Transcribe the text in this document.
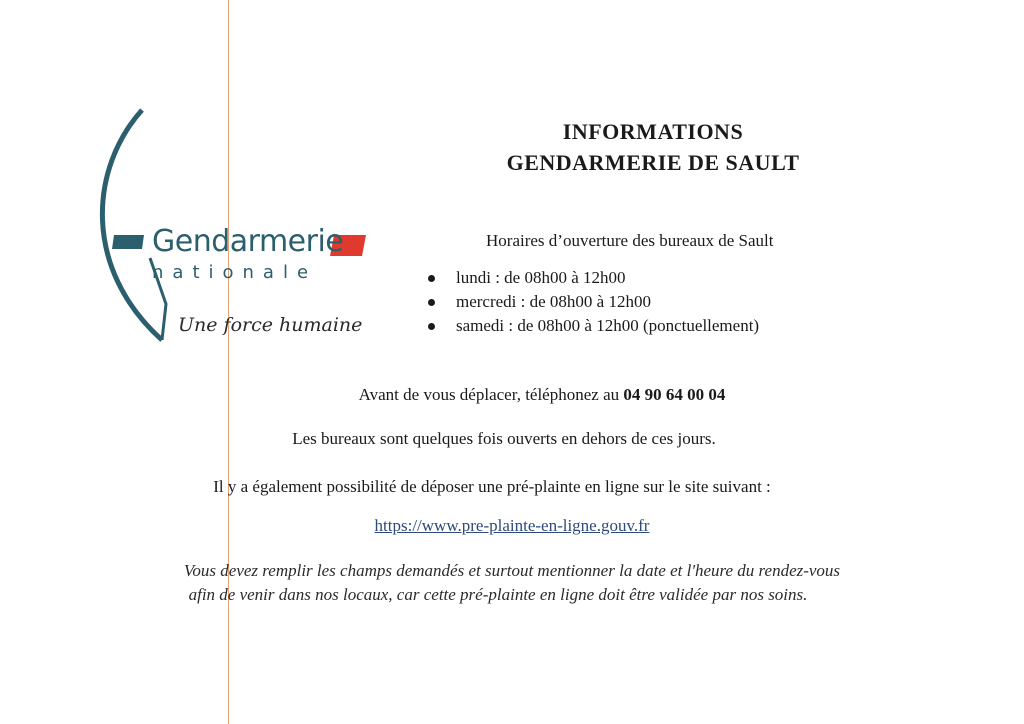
Gendarmerie
nationale
Une force humaine
INFORMATIONS
GENDARMERIE DE SAULT
Horaires d’ouverture des bureaux de Sault
lundi : de 08h00 à 12h00
mercredi : de 08h00 à 12h00
samedi : de 08h00 à 12h00 (ponctuellement)
Avant de vous déplacer, téléphonez au 04 90 64 00 04
Les bureaux sont quelques fois ouverts en dehors de ces jours.
Il y a également possibilité de déposer une pré-plainte en ligne sur le site suivant :
https://www.pre-plainte-en-ligne.gouv.fr
Vous devez remplir les champs demandés et surtout mentionner la date et l'heure du rendez-vous
afin de venir dans nos locaux, car cette pré-plainte en ligne doit être validée par nos soins.
